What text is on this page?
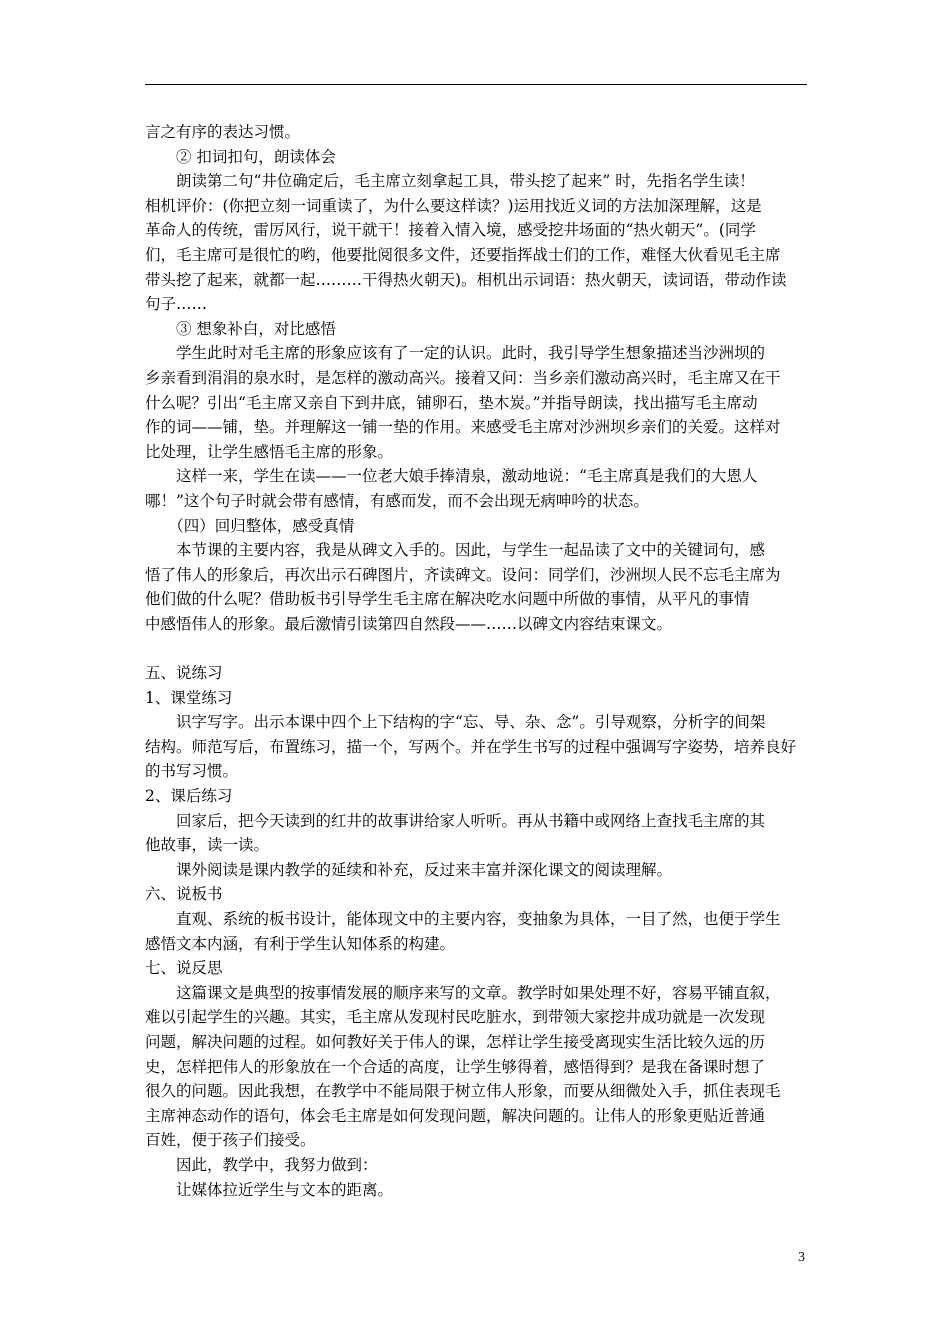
言之有序的表达习惯。

　　② 扣词扣句，朗读体会

　　朗读第二句“井位确定后，毛主席立刻拿起工具，带头挖了起来” 时，先指名学生读！

相机评价：(你把立刻一词重读了，为什么要这样读？)运用找近义词的方法加深理解，这是

革命人的传统，雷厉风行，说干就干！接着入情入境，感受挖井场面的“热火朝天”。(同学

们，毛主席可是很忙的哟，他要批阅很多文件，还要指挥战士们的工作，难怪大伙看见毛主席

带头挖了起来，就都一起………干得热火朝天)。相机出示词语：热火朝天，读词语，带动作读

句子……

　　③ 想象补白，对比感悟

　　学生此时对毛主席的形象应该有了一定的认识。此时，我引导学生想象描述当沙洲坝的

乡亲看到涓涓的泉水时，是怎样的激动高兴。接着又问：当乡亲们激动高兴时，毛主席又在干

什么呢？引出“毛主席又亲自下到井底，铺卵石，垫木炭。”并指导朗读，找出描写毛主席动

作的词——铺，垫。并理解这一铺一垫的作用。来感受毛主席对沙洲坝乡亲们的关爱。这样对

比处理，让学生感悟毛主席的形象。

　　这样一来，学生在读——一位老大娘手捧清泉，激动地说：“毛主席真是我们的大恩人

哪！”这个句子时就会带有感情，有感而发，而不会出现无病呻吟的状态。

　　（四）回归整体，感受真情

　　本节课的主要内容，我是从碑文入手的。因此，与学生一起品读了文中的关键词句，感

悟了伟人的形象后，再次出示石碑图片，齐读碑文。设问：同学们，沙洲坝人民不忘毛主席为

他们做的什么呢？借助板书引导学生毛主席在解决吃水问题中所做的事情，从平凡的事情

中感悟伟人的形象。最后激情引读第四自然段——……以碑文内容结束课文。

五、说练习

1、课堂练习

　　识字写字。出示本课中四个上下结构的字“忘、导、杂、念”。引导观察，分析字的间架

结构。师范写后，布置练习，描一个，写两个。并在学生书写的过程中强调写字姿势，培养良好

的书写习惯。

2、课后练习

　　回家后，把今天读到的红井的故事讲给家人听听。再从书籍中或网络上查找毛主席的其

他故事，读一读。

　　课外阅读是课内教学的延续和补充，反过来丰富并深化课文的阅读理解。

六、说板书

　　直观、系统的板书设计，能体现文中的主要内容，变抽象为具体，一目了然，也便于学生

感悟文本内涵，有利于学生认知体系的构建。

七、说反思

　　这篇课文是典型的按事情发展的顺序来写的文章。教学时如果处理不好，容易平铺直叙，

难以引起学生的兴趣。其实，毛主席从发现村民吃脏水，到带领大家挖井成功就是一次发现

问题，解决问题的过程。如何教好关于伟人的课，怎样让学生接受离现实生活比较久远的历

史，怎样把伟人的形象放在一个合适的高度，让学生够得着，感悟得到？是我在备课时想了

很久的问题。因此我想，在教学中不能局限于树立伟人形象，而要从细微处入手，抓住表现毛

主席神态动作的语句，体会毛主席是如何发现问题，解决问题的。让伟人的形象更贴近普通

百姓，便于孩子们接受。

　　因此，教学中，我努力做到：

　　让媒体拉近学生与文本的距离。

3
